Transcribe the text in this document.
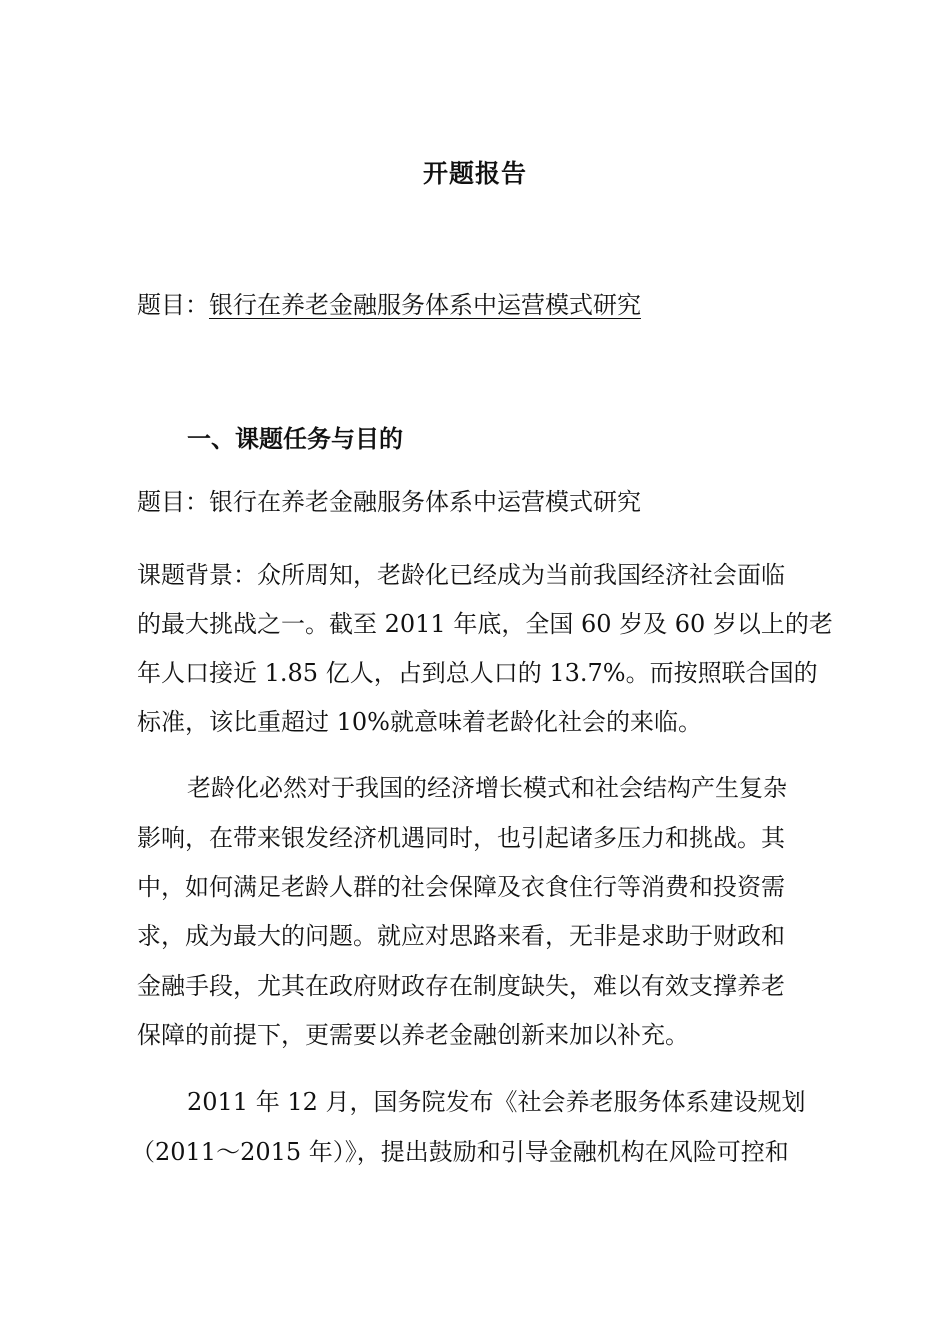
开题报告
题目：银行在养老金融服务体系中运营模式研究
一、课题任务与目的
题目：银行在养老金融服务体系中运营模式研究
课题背景：众所周知，老龄化已经成为当前我国经济社会面临
的最大挑战之一。截至 2011 年底，全国 60 岁及 60 岁以上的老
年人口接近 1.85 亿人，占到总人口的 13.7%。而按照联合国的
标准，该比重超过 10%就意味着老龄化社会的来临。
老龄化必然对于我国的经济增长模式和社会结构产生复杂
影响，在带来银发经济机遇同时，也引起诸多压力和挑战。其
中，如何满足老龄人群的社会保障及衣食住行等消费和投资需
求，成为最大的问题。就应对思路来看，无非是求助于财政和
金融手段，尤其在政府财政存在制度缺失，难以有效支撑养老
保障的前提下，更需要以养老金融创新来加以补充。
2011 年 12 月，国务院发布《社会养老服务体系建设规划
（2011～2015 年）》，提出鼓励和引导金融机构在风险可控和
